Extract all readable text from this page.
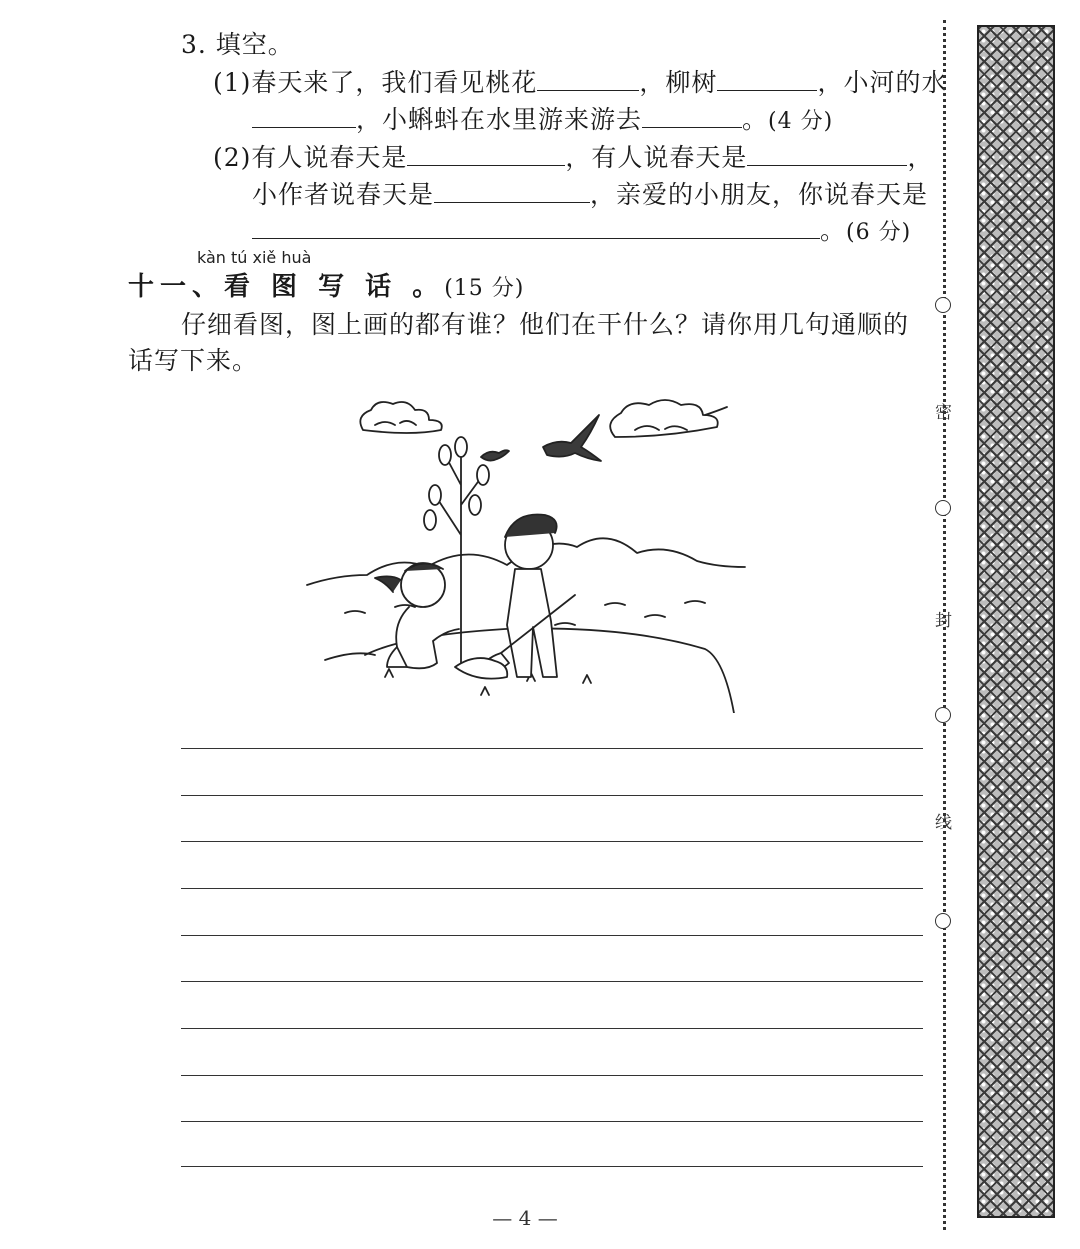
3. 填空。
(1)春天来了，我们看见桃花	，柳树	，小河的水
，小蝌蚪在水里游来游去	。(4 分)
(2)有人说春天是	，有人说春天是	，
小作者说春天是	，亲爱的小朋友，你说春天是
。(6 分)
kàn tú xiě huà
十一、看 图 写 话 。(15 分)
仔细看图，图上画的都有谁？他们在干什么？请你用几句通顺的
话写下来。
密
封
线
— 4 —
